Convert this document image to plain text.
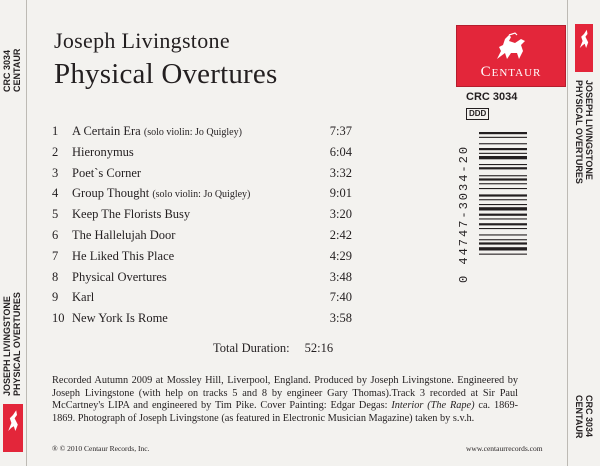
CRC 3034
CENTAUR
JOSEPH LIVINGSTONE
PHYSICAL OVERTURES
JOSEPH LIVINGSTONE
PHYSICAL OVERTURES
CRC 3034
CENTAUR
Joseph Livingstone
Physical Overtures	Centaur
CRC 3034
DDD
0 44747-3034-20
1 A Certain Era (solo violin: Jo Quigley)	7:37
2 Hieronymus	6:04
3 Poet`s Corner	3:32
4 Group Thought (solo violin: Jo Quigley)	9:01
5 Keep The Florists Busy	3:20
6 The Hallelujah Door	2:42
7 He Liked This Place	4:29
8 Physical Overtures	3:48
9 Karl	7:40
10 New York Is Rome	3:58
Total Duration: 52:16

Recorded Autumn 2009 at Mossley Hill, Liverpool, England. Produced by Joseph Livingstone. Engineered by Joseph Livingstone (with help on tracks 5 and 8 by engineer Gary Thomas).Track 3 recorded at Sir Paul McCartney's LIPA and engineered by Tim Pike. Cover Painting: Edgar Degas: Interior (The Rape) ca. 1869-1869. Photograph of Joseph Livingstone (as featured in Electronic Musician Magazine) taken by s.v.h.

® © 2010 Centaur Records, Inc.	www.centaurrecords.com
